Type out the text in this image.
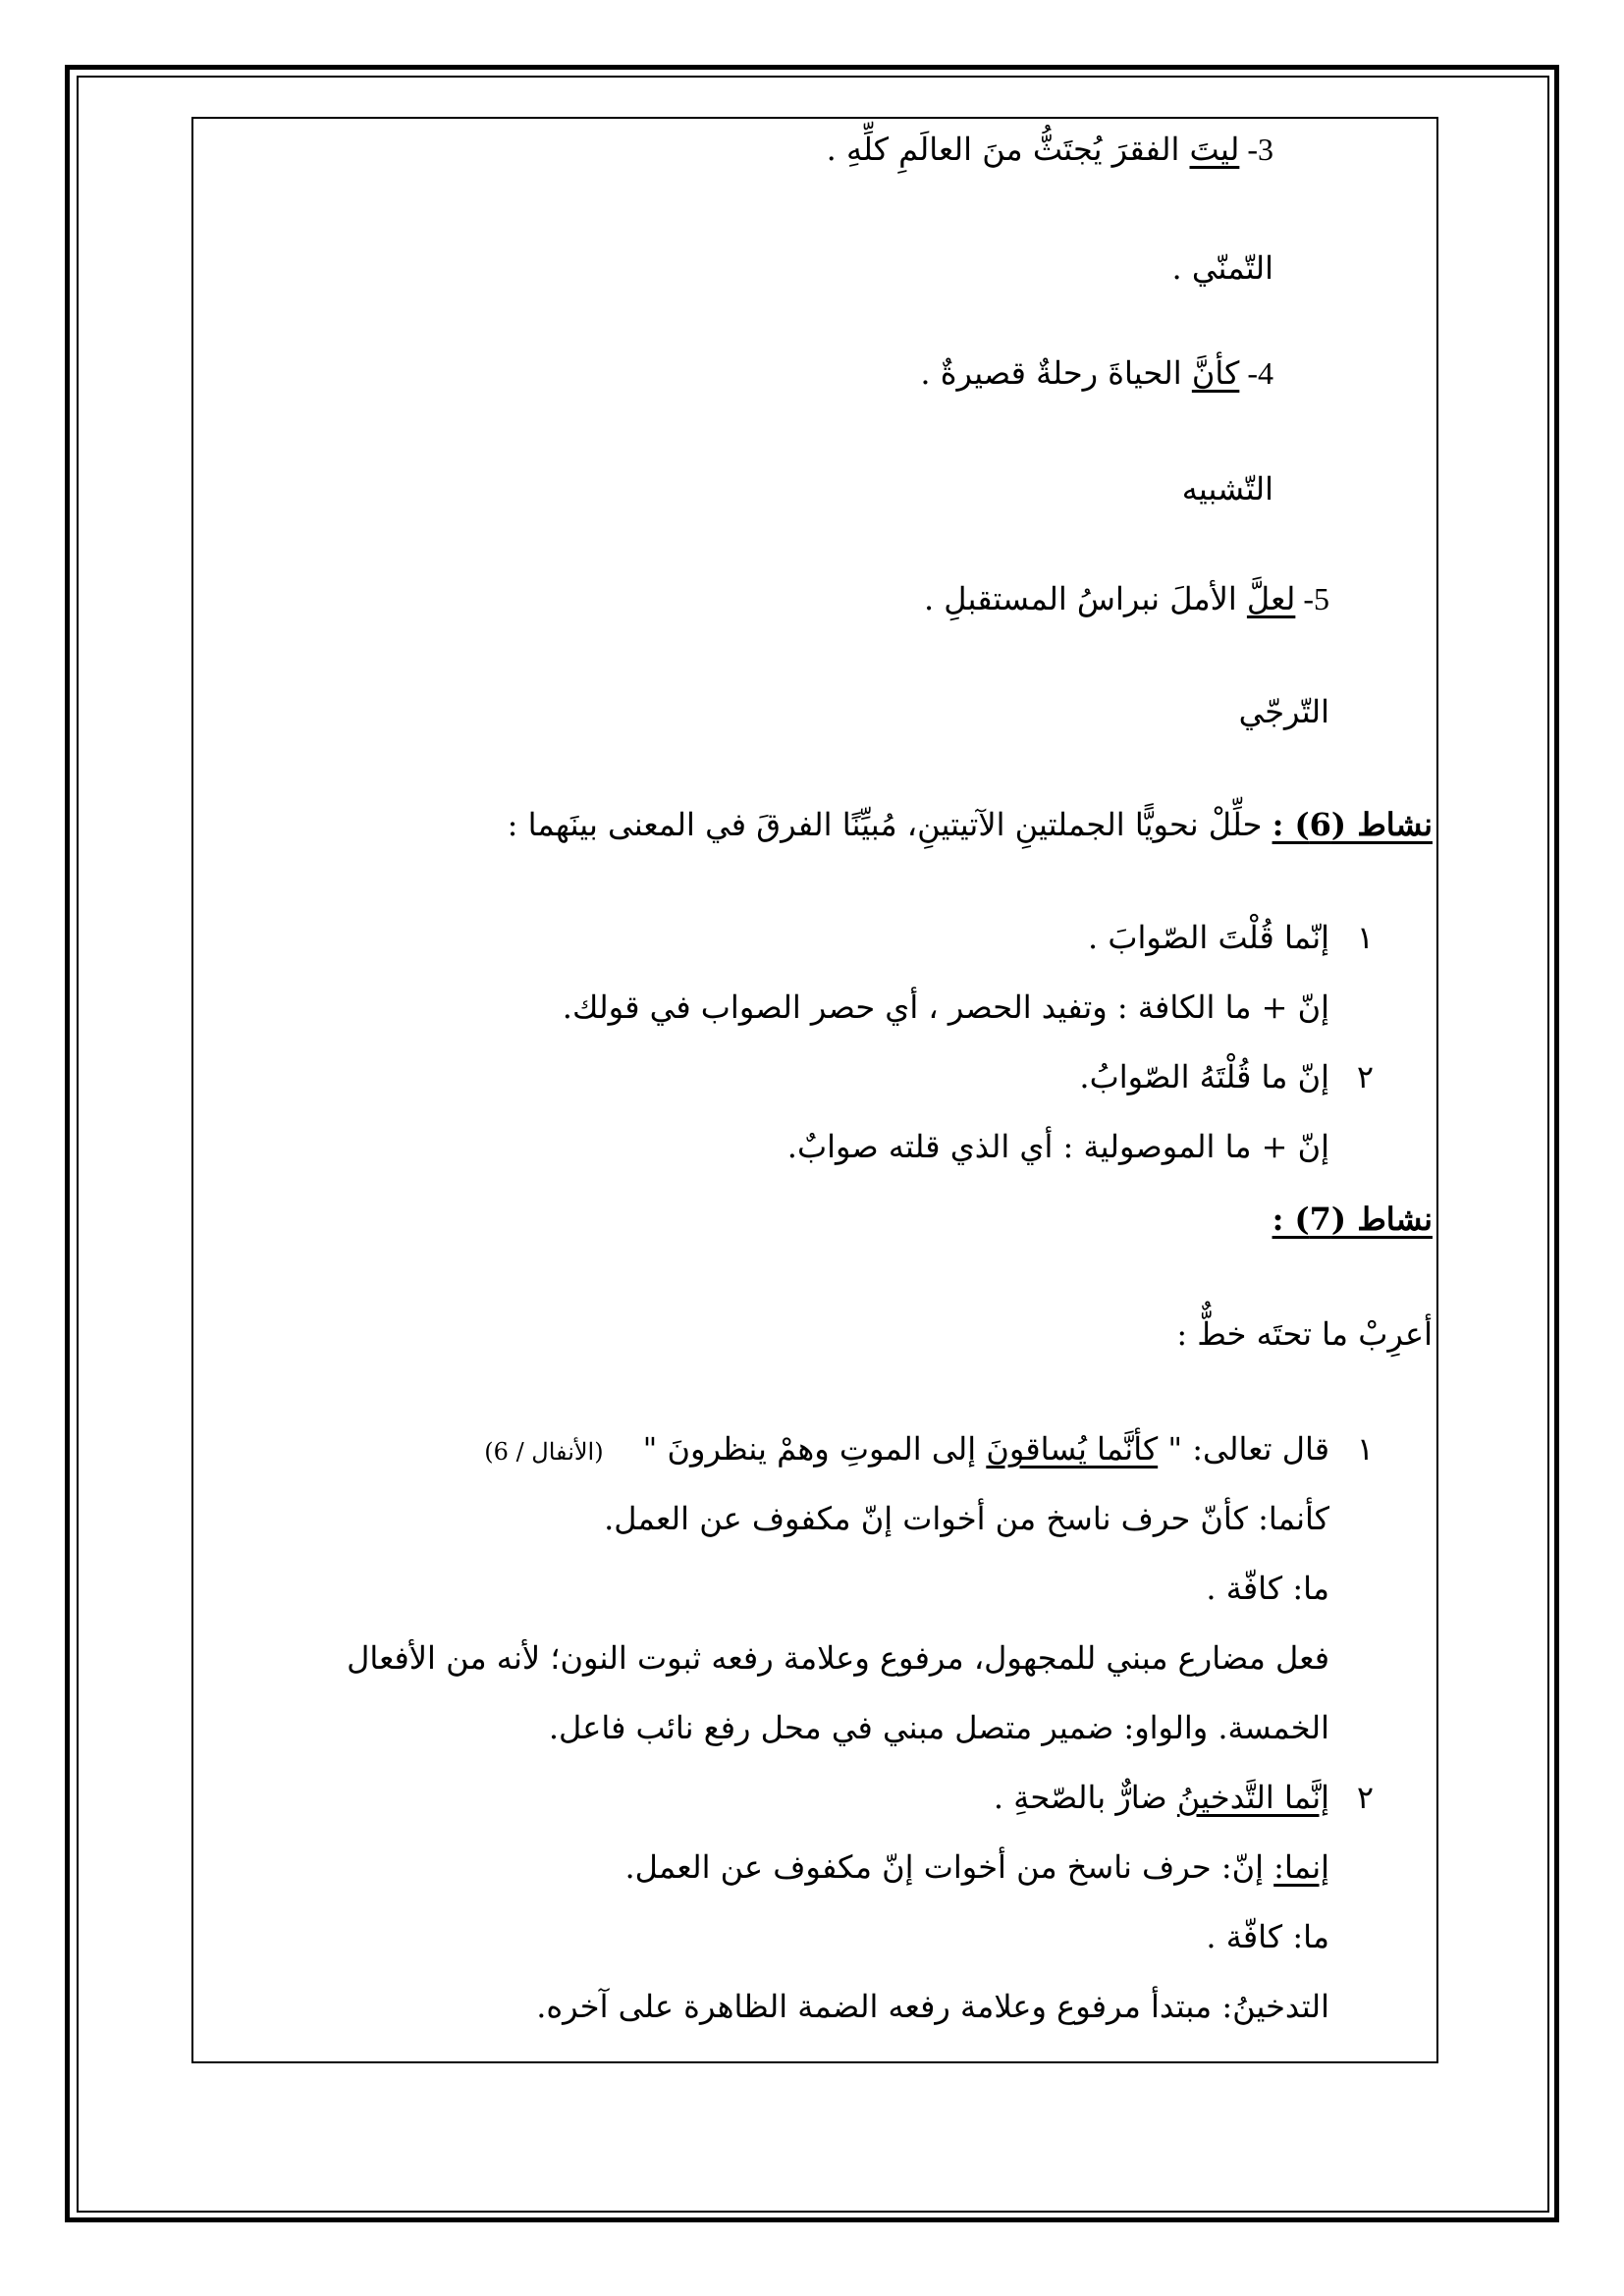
3- ليتَ الفقرَ يُجتَثُّ منَ العالَمِ كلِّهِ .
التّمنّي .
4- كأنَّ الحياةَ رحلةٌ قصيرةٌ .
التّشبيه
5- لعلَّ الأملَ نبراسُ المستقبلِ .
التّرجّي
نشاط (6) : حلِّلْ نحويًّا الجملتينِ الآتيتينِ، مُبيِّنًا الفرقَ في المعنى بينَهما :
١إنّما قُلْتَ الصّوابَ .
إنّ + ما الكافة : وتفيد الحصر ، أي حصر الصواب في قولك.
٢إنّ ما قُلْتَهُ الصّوابُ.
إنّ + ما الموصولية : أي الذي قلته صوابٌ.
نشاط (7) :
أعرِبْ ما تحتَه خطٌّ :
١قال تعالى: " كأنَّما يُساقونَ إلى الموتِ وهمْ ينظرونَ "(الأنفال / 6)
كأنما: كأنّ حرف ناسخ من أخوات إنّ مكفوف عن العمل.
ما: كافّة .
فعل مضارع مبني للمجهول، مرفوع وعلامة رفعه ثبوت النون؛ لأنه من الأفعال
الخمسة. والواو: ضمير متصل مبني في محل رفع نائب فاعل.
٢إنَّما التَّدخينُ ضارٌّ بالصّحةِ .
إنما: إنّ: حرف ناسخ من أخوات إنّ مكفوف عن العمل.
ما: كافّة .
التدخينُ: مبتدأ مرفوع وعلامة رفعه الضمة الظاهرة على آخره.
